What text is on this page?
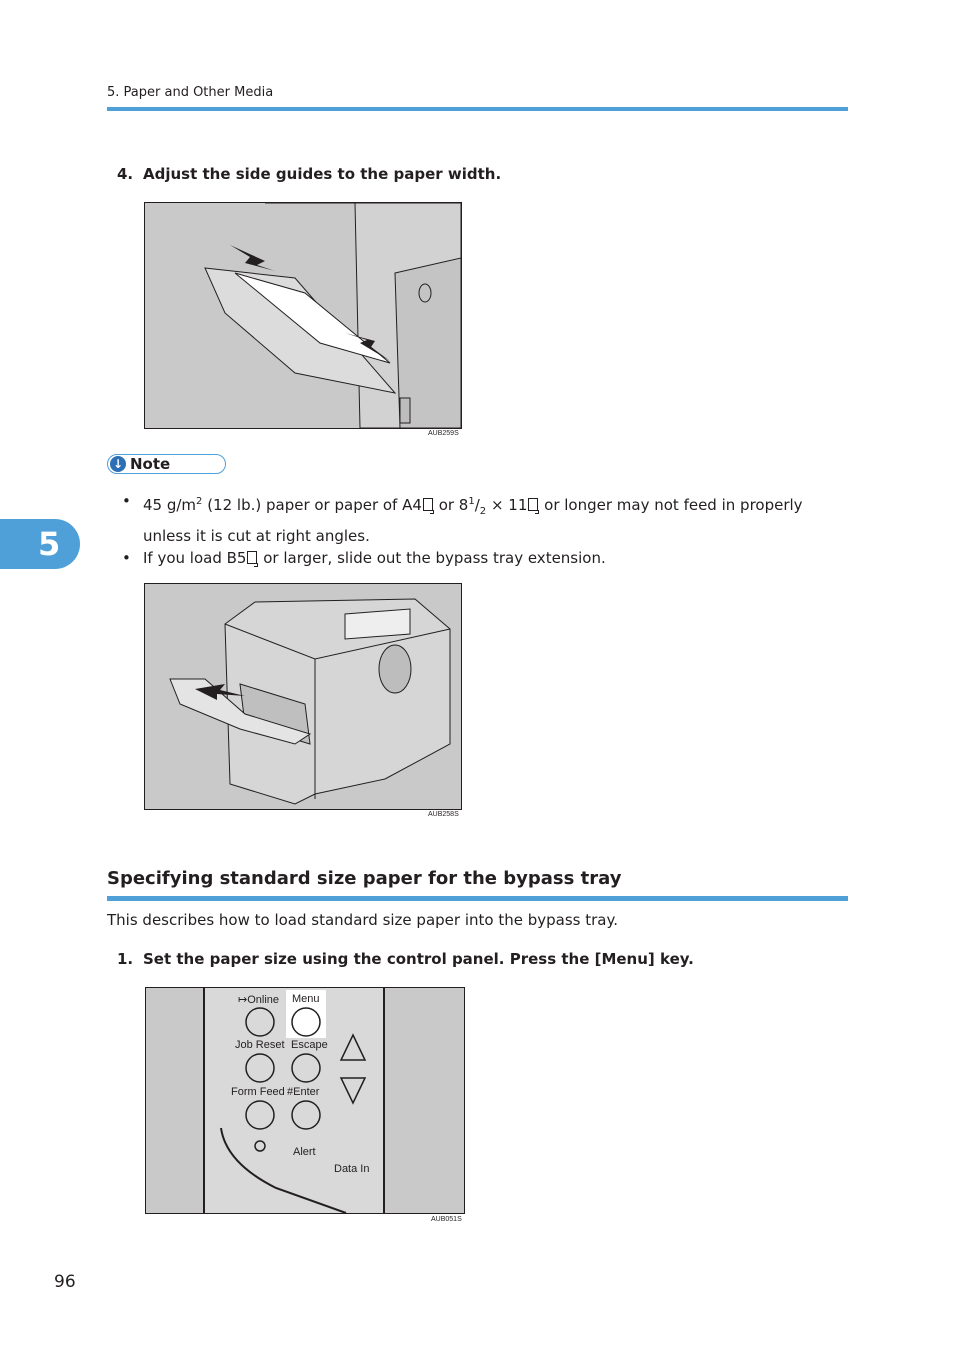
5. Paper and Other Media
4. Adjust the side guides to the paper width.
AUB259S
↓ Note
• 45 $g/m^2$ (12 lb.) paper or paper of A4 or $8^1/_2 \times 11$ or longer may not feed in properly unless it is cut at right angles.
• If you load B5 or larger, slide out the bypass tray extension.
5
AUB258S
Specifying standard size paper for the bypass tray
This describes how to load standard size paper into the bypass tray.
1. Set the paper size using the control panel. Press the [Menu] key.
↦Online Menu
Job Reset Escape
Form Feed #Enter
Alert
Data In
AUB051S
96
